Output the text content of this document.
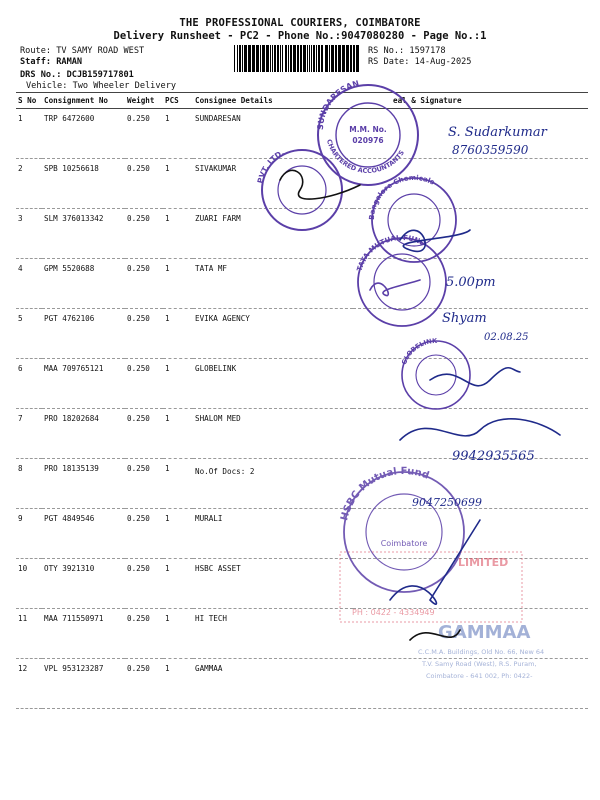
THE PROFESSIONAL COURIERS, COIMBATORE
Delivery Runsheet - PC2 - Phone No.:9047080280 - Page No.:1
Route: TV SAMY ROAD WEST
Staff: RAMAN
DRS No.: DCJB159717801
Vehicle: Two Wheeler Delivery
RS No.: 1597178
RS Date: 14-Aug-2025
S No	Consignment No	Weight	PCS	Consignee Details	eal & Signature
1	TRP 6472600	0.250	1	SUNDARESAN	
2	SPB 10256618	0.250	1	SIVAKUMAR	
3	SLM 376013342	0.250	1	ZUARI FARM	
4	GPM 5520688	0.250	1	TATA MF	
5	PGT 4762106	0.250	1	EVIKA AGENCY	
6	MAA 709765121	0.250	1	GLOBELINK	
7	PRO 18202684	0.250	1	SHALOM MED	
8	PRO 18135139	0.250	1	No.Of Docs: 2	

9	PGT 4849546	0.250	1	MURALI	
10	OTY 3921310	0.250	1	HSBC ASSET	
11	MAA 711550971	0.250	1	HI TECH	
12	VPL 953123287	0.250	1	GAMMAA	
SUNDARESAN
CHARTERED ACCOUNTANTS
M.M. No.
020976
PVT. LTD.
Bangalore Chemicals
TATA MUTUAL FUND
GLOBELINK
HSBC Mutual Fund
Coimbatore
LIMITED
PH : 0422 - 4334949
GAMMAA
C.C.M.A. Buildings, Old No. 66, New 64
T.V. Samy Road (West), R.S. Puram,
Coimbatore - 641 002, Ph: 0422-
S. Sudarkumar
8760359590
5.00pm
Shyam
02.08.25
9942935565
9047250699
